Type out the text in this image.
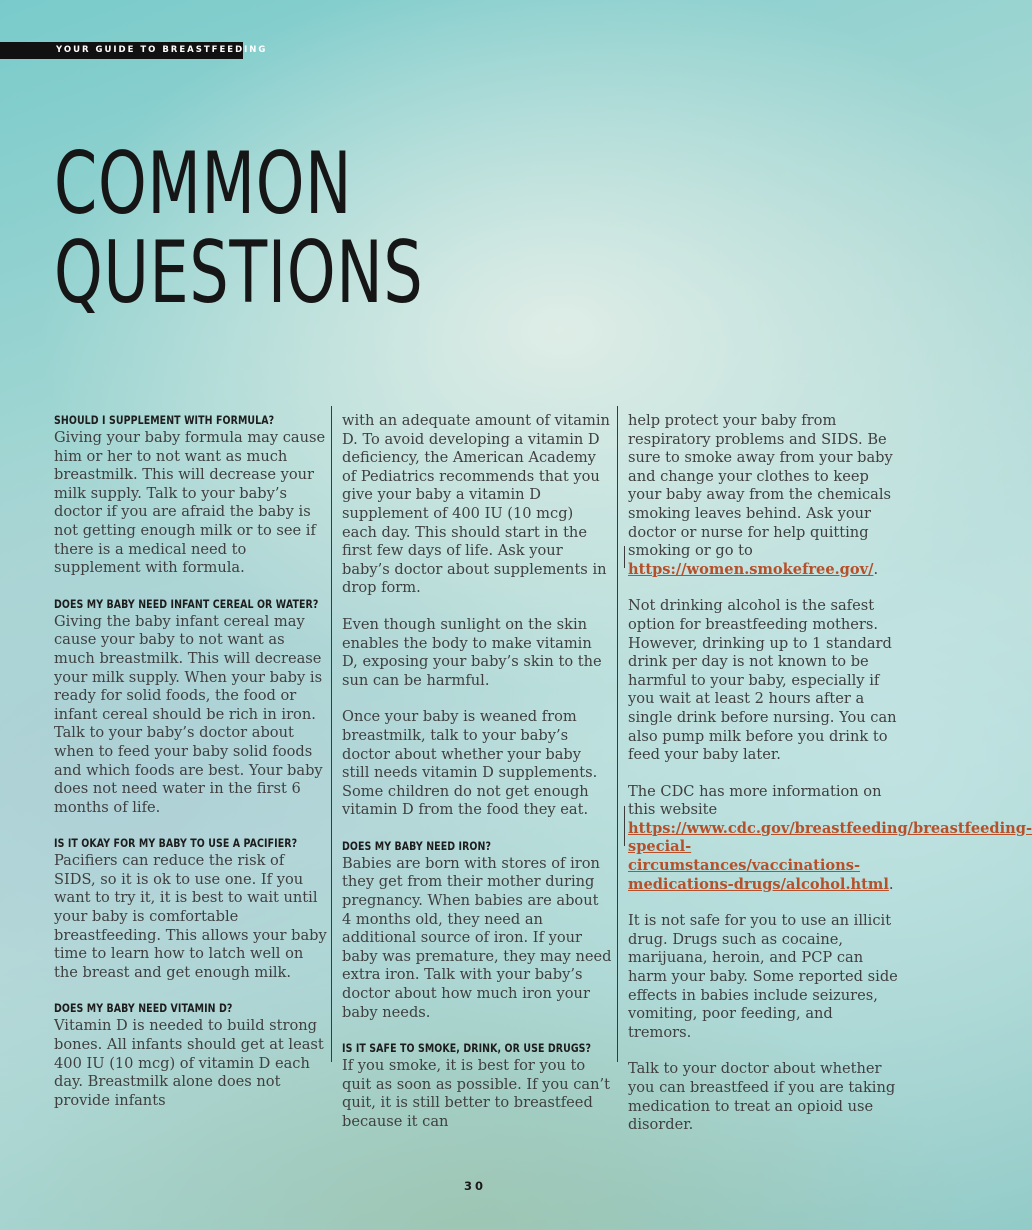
YOUR GUIDE TO BREASTFEEDING
COMMON
QUESTIONS
SHOULD I SUPPLEMENT WITH FORMULA?

Giving your baby formula may cause him or her to not want as much breastmilk. This will decrease your milk supply. Talk to your baby’s doctor if you are afraid the baby is not getting enough milk or to see if there is a medical need to supplement with formula.

DOES MY BABY NEED INFANT CEREAL OR WATER?

Giving the baby infant cereal may cause your baby to not want as much breastmilk. This will decrease your milk supply. When your baby is ready for solid foods, the food or infant cereal should be rich in iron. Talk to your baby’s doctor about when to feed your baby solid foods and which foods are best. Your baby does not need water in the first 6 months of life.

IS IT OKAY FOR MY BABY TO USE A PACIFIER?

Pacifiers can reduce the risk of SIDS, so it is ok to use one. If you want to try it, it is best to wait until your baby is comfortable breastfeeding. This allows your baby time to learn how to latch well on the breast and get enough milk.

DOES MY BABY NEED VITAMIN D?

Vitamin D is needed to build strong bones. All infants should get at least 400 IU (10 mcg) of vitamin D each day. Breastmilk alone does not provide infants

with an adequate amount of vitamin D. To avoid developing a vitamin D deficiency, the American Academy of Pediatrics recommends that you give your baby a vitamin D supplement of 400 IU (10 mcg) each day. This should start in the first few days of life. Ask your baby’s doctor about supplements in drop form.

Even though sunlight on the skin enables the body to make vitamin D, exposing your baby’s skin to the sun can be harmful.

Once your baby is weaned from breastmilk, talk to your baby’s doctor about whether your baby still needs vitamin D supplements. Some children do not get enough vitamin D from the food they eat.

DOES MY BABY NEED IRON?

Babies are born with stores of iron they get from their mother during pregnancy. When babies are about 4 months old, they need an additional source of iron. If your baby was premature, they may need extra iron. Talk with your baby’s doctor about how much iron your baby needs.

IS IT SAFE TO SMOKE, DRINK, OR USE DRUGS?

If you smoke, it is best for you to quit as soon as possible. If you can’t quit, it is still better to breastfeed because it can

help protect your baby from respiratory problems and SIDS. Be sure to smoke away from your baby and change your clothes to keep your baby away from the chemicals smoking leaves behind. Ask your doctor or nurse for help quitting smoking or go to https://women.smokefree.gov/.

Not drinking alcohol is the safest option for breastfeeding mothers. However, drinking up to 1 standard drink per day is not known to be harmful to your baby, especially if you wait at least 2 hours after a single drink before nursing. You can also pump milk before you drink to feed your baby later.

The CDC has more information on this website https://www.cdc.gov/breastfeeding/breastfeeding-special-circumstances/vaccinations-medications-drugs/alcohol.html.

It is not safe for you to use an illicit drug. Drugs such as cocaine, marijuana, heroin, and PCP can harm your baby. Some reported side effects in babies include seizures, vomiting, poor feeding, and tremors.

Talk to your doctor about whether you can breastfeed if you are taking medication to treat an opioid use disorder.

30
